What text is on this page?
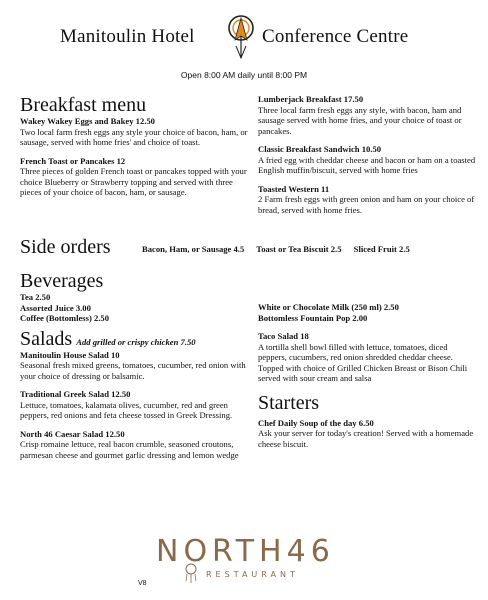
Manitoulin Hotel	Conference Centre
Open 8:00 AM daily until 8:00 PM
Breakfast menu
Wakey Wakey Eggs and Bakey 12.50
Two local farm fresh eggs any style your choice of bacon, ham, or sausage, served with home fries' and choice of toast.
French Toast or Pancakes 12
Three pieces of golden French toast or pancakes topped with your choice Blueberry or Strawberry topping and served with three pieces of your choice of bacon, ham, or sausage.
Lumberjack Breakfast 17.50
Three local farm fresh eggs any style, with bacon, ham and sausage served with home fries, and your choice of toast or pancakes.
Classic Breakfast Sandwich 10.50
A fried egg with cheddar cheese and bacon or ham on a toasted English muffin/biscuit, served with home fries
Toasted Western 11
2 Farm fresh eggs with green onion and ham on your choice of bread, served with home fries.
Side orders	Bacon, Ham, or Sausage 4.5 Toast or Tea Biscuit 2.5 Sliced Fruit 2.5
Beverages
Tea 2.50
Assorted Juice 3.00
Coffee (Bottomless) 2.50
Salads Add grilled or crispy chicken 7.50
Manitoulin House Salad 10
Seasonal fresh mixed greens, tomatoes, cucumber, red onion with your choice of dressing or balsamic.
Traditional Greek Salad 12.50
Lettuce, tomatoes, kalamata olives, cucumber, red and green peppers, red onions and feta cheese tossed in Greek Dressing.
North 46 Caesar Salad 12.50
Crisp romaine lettuce, real bacon crumble, seasoned croutons, parmesan cheese and gourmet garlic dressing and lemon wedge
White or Chocolate Milk (250 ml) 2.50
Bottomless Fountain Pop 2.00
Taco Salad 18
A tortilla shell bowl filled with lettuce, tomatoes, diced peppers, cucumbers, red onion shredded cheddar cheese. Topped with choice of Grilled Chicken Breast or Bison Chili served with sour cream and salsa
Starters
Chef Daily Soup of the day 6.50
Ask your server for today's creation! Served with a homemade cheese biscuit.
NORTH46
RESTAURANT
V8
